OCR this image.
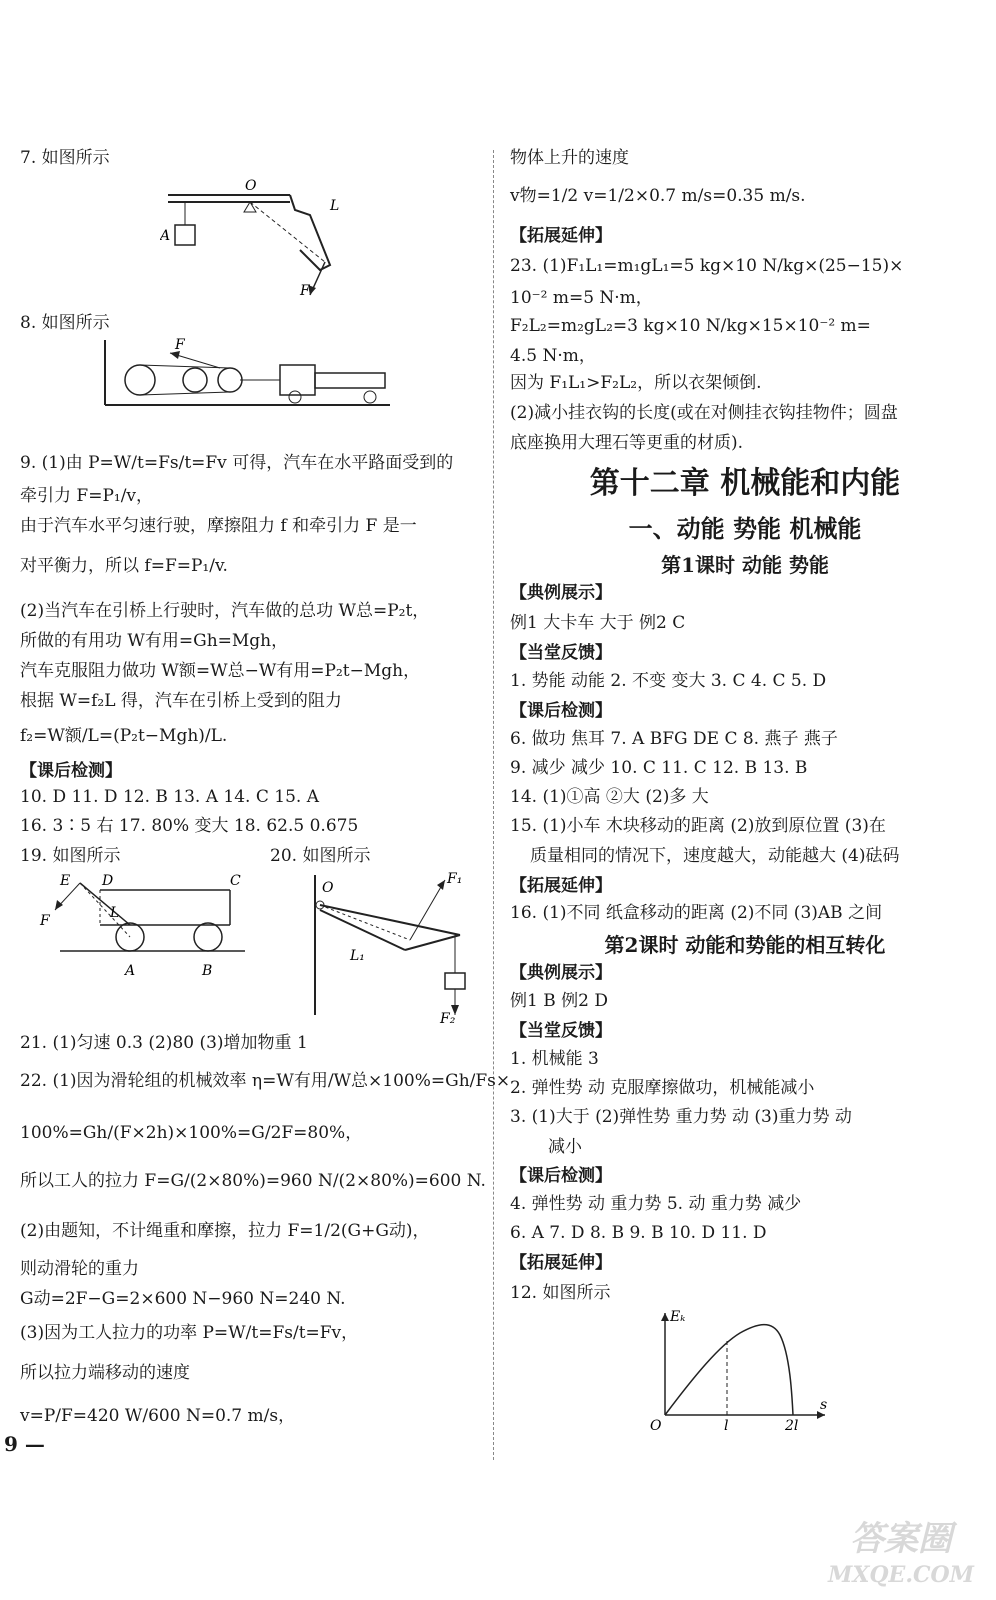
7. 如图所示
O
L
A
F
8. 如图所示
F
9. (1)由 P=W/t=Fs/t=Fv 可得，汽车在水平路面受到的
牵引力 F=P₁/v，
由于汽车水平匀速行驶，摩擦阻力 f 和牵引力 F 是一
对平衡力，所以 f=F=P₁/v.
(2)当汽车在引桥上行驶时，汽车做的总功 W总=P₂t，
所做的有用功 W有用=Gh=Mgh，
汽车克服阻力做功 W额=W总−W有用=P₂t−Mgh，
根据 W=f₂L 得，汽车在引桥上受到的阻力
f₂=W额/L=(P₂t−Mgh)/L.
【课后检测】
10. D 11. D 12. B 13. A 14. C 15. A
16. 3∶5 右 17. 80% 变大 18. 62.5 0.675
19. 如图所示	20. 如图所示
E D	C
L
F
A	B
O
F₁
L₁
F₂
21. (1)匀速 0.3 (2)80 (3)增加物重 1
22. (1)因为滑轮组的机械效率 η=W有用/W总×100%=Gh/Fs×
100%=Gh/(F×2h)×100%=G/2F=80%，
所以工人的拉力 F=G/(2×80%)=960 N/(2×80%)=600 N.
(2)由题知，不计绳重和摩擦，拉力 F=1/2(G+G动)，
则动滑轮的重力
G动=2F−G=2×600 N−960 N=240 N.
(3)因为工人拉力的功率 P=W/t=Fs/t=Fv，
所以拉力端移动的速度
v=P/F=420 W/600 N=0.7 m/s，
物体上升的速度
v物=1/2 v=1/2×0.7 m/s=0.35 m/s.
【拓展延伸】
23. (1)F₁L₁=m₁gL₁=5 kg×10 N/kg×(25−15)×
10⁻² m=5 N·m，
F₂L₂=m₂gL₂=3 kg×10 N/kg×15×10⁻² m=
4.5 N·m，
因为 F₁L₁>F₂L₂，所以衣架倾倒.
(2)减小挂衣钩的长度(或在对侧挂衣钩挂物件；圆盘
底座换用大理石等更重的材质).
第十二章 机械能和内能
一、动能 势能 机械能
第1课时 动能 势能
【典例展示】
例1 大卡车 大于 例2 C
【当堂反馈】
1. 势能 动能 2. 不变 变大 3. C 4. C 5. D
【课后检测】
6. 做功 焦耳 7. A BFG DE C 8. 燕子 燕子
9. 减少 减少 10. C 11. C 12. B 13. B
14. (1)①高 ②大 (2)多 大
15. (1)小车 木块移动的距离 (2)放到原位置 (3)在
质量相同的情况下，速度越大，动能越大 (4)砝码
【拓展延伸】
16. (1)不同 纸盒移动的距离 (2)不同 (3)AB 之间
第2课时 动能和势能的相互转化
【典例展示】
例1 B 例2 D
【当堂反馈】
1. 机械能 3
2. 弹性势 动 克服摩擦做功，机械能减小
3. (1)大于 (2)弹性势 重力势 动 (3)重力势 动
减小
【课后检测】
4. 弹性势 动 重力势 5. 动 重力势 减少
6. A 7. D 8. B 9. B 10. D 11. D
【拓展延伸】
12. 如图所示
Eₖ
O	l	2l
s
9 —
答案圈
MXQE.COM
